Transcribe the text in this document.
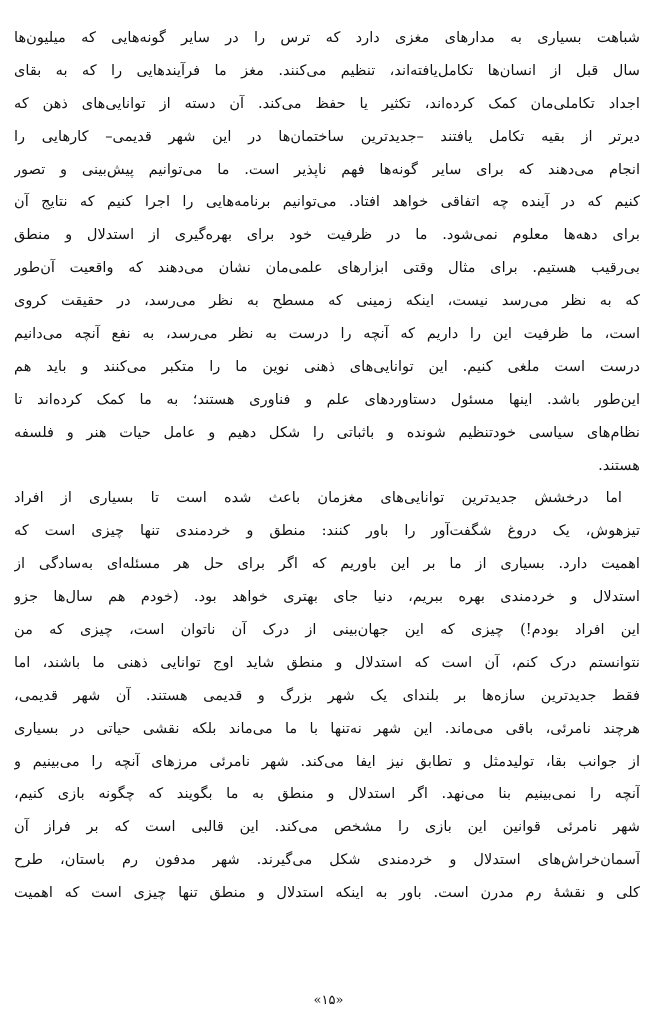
شباهت بسیاری به مدارهای مغزی دارد که ترس را در سایر گونه‌هایی که میلیون‌ها
سال قبل از انسان‌ها تکامل‌یافته‌اند، تنظیم می‌کنند. مغز ما فرآیندهایی را که به بقای
اجداد تکاملی‌مان کمک کرده‌اند، تکثیر یا حفظ می‌کند. آن دسته از توانایی‌های ذهن که
دیرتر از بقیه تکامل یافتند –جدیدترین ساختمان‌ها در این شهر قدیمی– کارهایی را
انجام می‌دهند که برای سایر گونه‌ها فهم ناپذیر است. ما می‌توانیم پیش‌بینی و تصور
کنیم که در آینده چه اتفاقی خواهد افتاد. می‌توانیم برنامه‌هایی را اجرا کنیم که نتایج آن
برای دهه‌ها معلوم نمی‌شود. ما در ظرفیت خود برای بهره‌گیری از استدلال و منطق
بی‌رقیب هستیم. برای مثال وقتی ابزارهای علمی‌مان نشان می‌دهند که واقعیت آن‌طور
که به نظر می‌رسد نیست، اینکه زمینی که مسطح به نظر می‌رسد، در حقیقت کروی
است، ما ظرفیت این را داریم که آنچه را درست به نظر می‌رسد، به نفع آنچه می‌دانیم
درست است ملغی کنیم. این توانایی‌های ذهنی نوین ما را متکبر می‌کنند و باید هم
این‌طور باشد. اینها مسئول دستاوردهای علم و فناوری هستند؛ به ما کمک کرده‌اند تا
نظام‌های سیاسی خودتنظیم شونده و باثباتی را شکل دهیم و عامل حیات هنر و فلسفه
هستند.
اما درخشش جدیدترین توانایی‌های مغزمان باعث شده است تا بسیاری از افراد
تیزهوش، یک دروغ شگفت‌آور را باور کنند: منطق و خردمندی تنها چیزی است که
اهمیت دارد. بسیاری از ما بر این باوریم که اگر برای حل هر مسئله‌ای به‌سادگی از
استدلال و خردمندی بهره ببریم، دنیا جای بهتری خواهد بود. (خودم هم سال‌ها جزو
این افراد بودم!) چیزی که این جهان‌بینی از درک آن ناتوان است، چیزی که من
نتوانستم درک کنم، آن است که استدلال و منطق شاید اوج توانایی ذهنی ما باشند، اما
فقط جدیدترین سازه‌ها بر بلندای یک شهر بزرگ و قدیمی هستند. آن شهر قدیمی،
هرچند نامرئی، باقی می‌ماند. این شهر نه‌تنها با ما می‌ماند بلکه نقشی حیاتی در بسیاری
از جوانب بقا، تولیدمثل و تطابق نیز ایفا می‌کند. شهر نامرئی مرزهای آنچه را می‌بینیم و
آنچه را نمی‌بینیم بنا می‌نهد. اگر استدلال و منطق به ما بگویند که چگونه بازی کنیم،
شهر نامرئی قوانین این بازی را مشخص می‌کند. این قالبی است که بر فراز آن
آسمان‌خراش‌های استدلال و خردمندی شکل می‌گیرند. شهر مدفون رم باستان، طرح
کلی و نقشهٔ رم مدرن است. باور به اینکه استدلال و منطق تنها چیزی است که اهمیت
«۱۵»
